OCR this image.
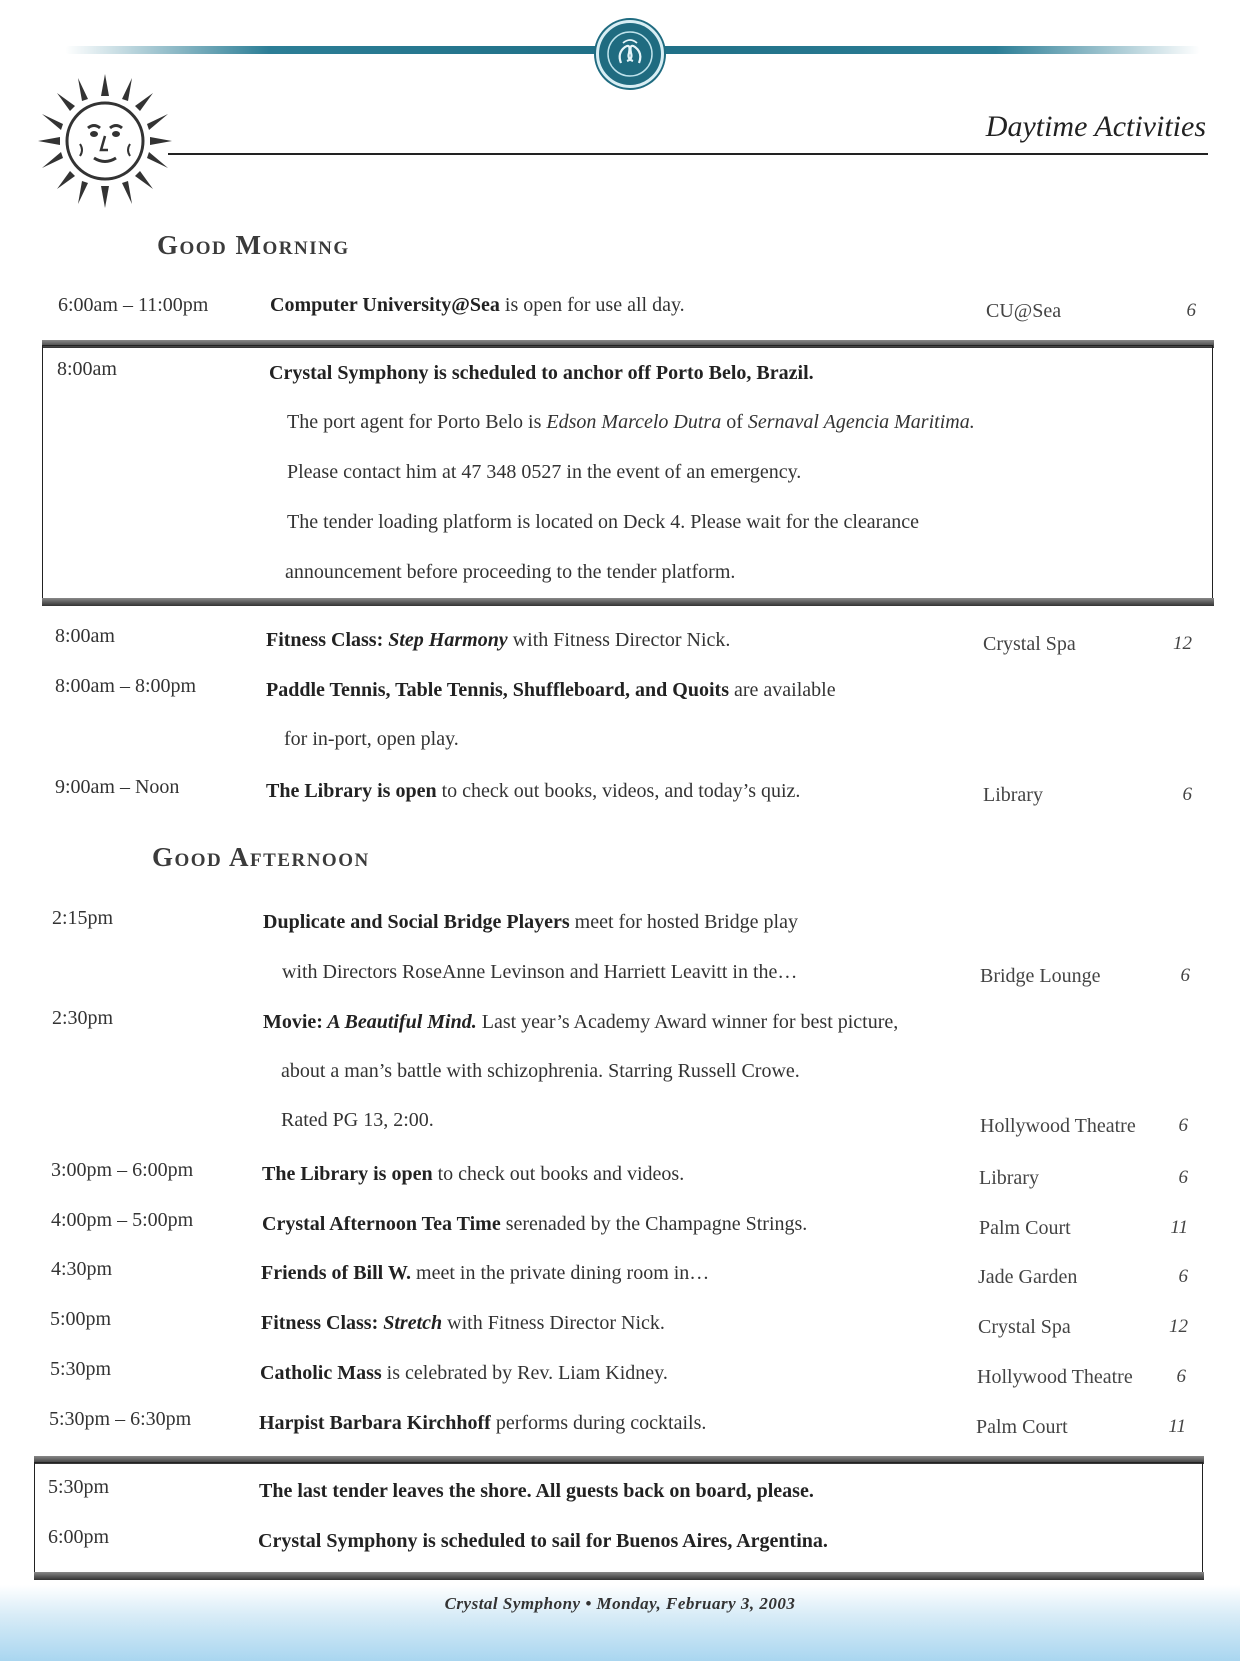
Daytime Activities
Good Morning
6:00am – 11:00pm	Computer University@Sea is open for use all day.	CU@Sea	6
8:00am	Crystal Symphony is scheduled to anchor off Porto Belo, Brazil.
The port agent for Porto Belo is Edson Marcelo Dutra of Sernaval Agencia Maritima.
Please contact him at 47 348 0527 in the event of an emergency.
The tender loading platform is located on Deck 4. Please wait for the clearance
announcement before proceeding to the tender platform.
8:00am	Fitness Class: Step Harmony with Fitness Director Nick.	Crystal Spa	12
8:00am – 8:00pm	Paddle Tennis, Table Tennis, Shuffleboard, and Quoits are available
for in-port, open play.
9:00am – Noon	The Library is open to check out books, videos, and today’s quiz.	Library	6
Good Afternoon
2:15pm	Duplicate and Social Bridge Players meet for hosted Bridge play
with Directors RoseAnne Levinson and Harriett Leavitt in the…	Bridge Lounge	6
2:30pm	Movie: A Beautiful Mind. Last year’s Academy Award winner for best picture,
about a man’s battle with schizophrenia. Starring Russell Crowe.
Rated PG 13, 2:00.	Hollywood Theatre	6
3:00pm – 6:00pm	The Library is open to check out books and videos.	Library	6
4:00pm – 5:00pm	Crystal Afternoon Tea Time serenaded by the Champagne Strings.	Palm Court	11
4:30pm	Friends of Bill W. meet in the private dining room in…	Jade Garden	6
5:00pm	Fitness Class: Stretch with Fitness Director Nick.	Crystal Spa	12
5:30pm	Catholic Mass is celebrated by Rev. Liam Kidney.	Hollywood Theatre	6
5:30pm – 6:30pm	Harpist Barbara Kirchhoff performs during cocktails.	Palm Court	11
5:30pm	The last tender leaves the shore. All guests back on board, please.
6:00pm	Crystal Symphony is scheduled to sail for Buenos Aires, Argentina.
Crystal Symphony • Monday, February 3, 2003
